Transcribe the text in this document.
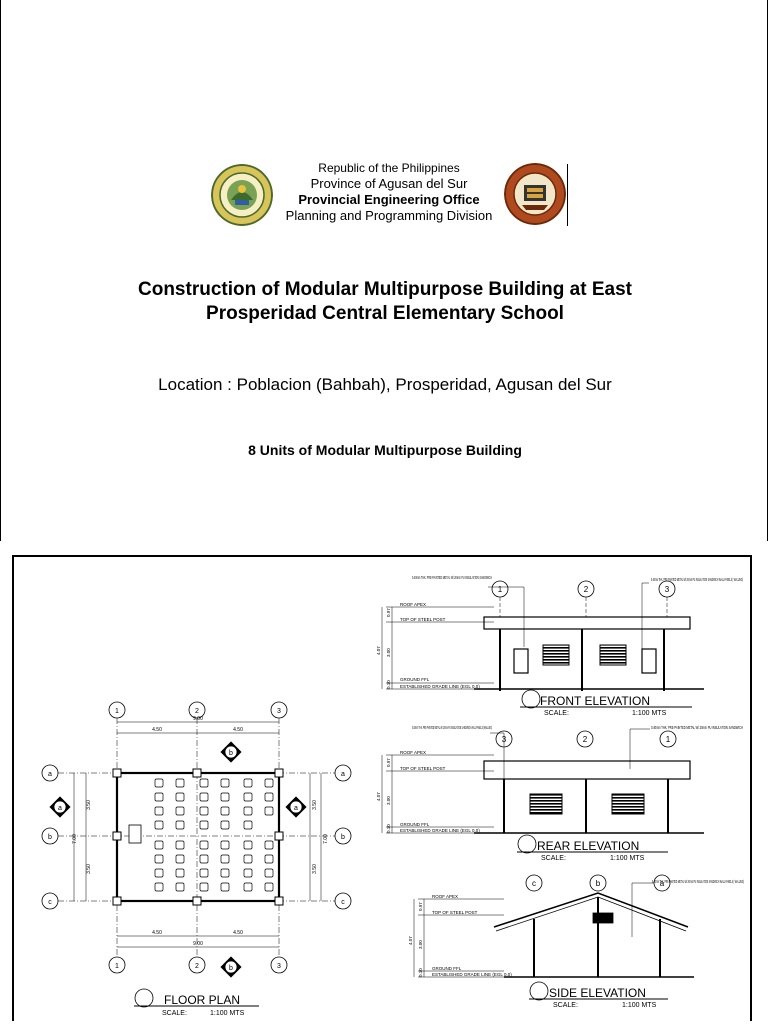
Republic of the Philippines
Province of Agusan del Sur
Provincial Engineering Office
Planning and Programming Division
Construction of Modular Multipurpose Building at East
Prosperidad Central Elementary School
Location : Poblacion (Bahbah), Prosperidad, Agusan del Sur
8 Units of Modular Multipurpose Building
1	2	3
1	2	3
a
b
c
a
b
c
9.00
4.50	4.50
4.50	4.50
9.00
7.00
3.50
3.50
7.00
3.50
3.50
a	a
b
b
FLOOR PLAN
SCALE:	1:100 MTS
0.40mm THK. PRE-PAINTED METAL W/ 20mm PU INSULATION SANDWICH	0.40mm THK. PRE-PAINTED METAL W/ 20mm PU INSULATION SANDWICH WALL PANELS ( WALLING)
ROOF APEX
TOP OF STEEL POST
GROUND FFL
ESTABLISHED GRADE LINE (EGL 0.0)
4.07
0.97
3.00
0.10
1	2	3
FRONT ELEVATION
SCALE:	1:100 MTS
0.40mm THK. PRE-PAINTED METAL W/ 20mm PU INSULATION SANDWICH WALL PANELS (WALLING)	0.40mm THK. PRE-PAINTED METAL W/ 20mm PU INSULATION SANDWICH
ROOF APEX
TOP OF STEEL POST
GROUND FFL
ESTABLISHED GRADE LINE (EGL 0.0)
4.07
0.97
3.00
0.10
3	2	1
REAR ELEVATION
SCALE:	1:100 MTS
0.40mm THK. PRE-PAINTED METAL W/ 20mm PU INSULATION SANDWICH WALL PANELS ( WALLING)
ROOF APEX
TOP OF STEEL POST
GROUND FFL
ESTABLISHED GRADE LINE (EGL 0.0)
4.07
0.97
3.00
0.10
c	b	a
SIDE ELEVATION
SCALE:	1:100 MTS
